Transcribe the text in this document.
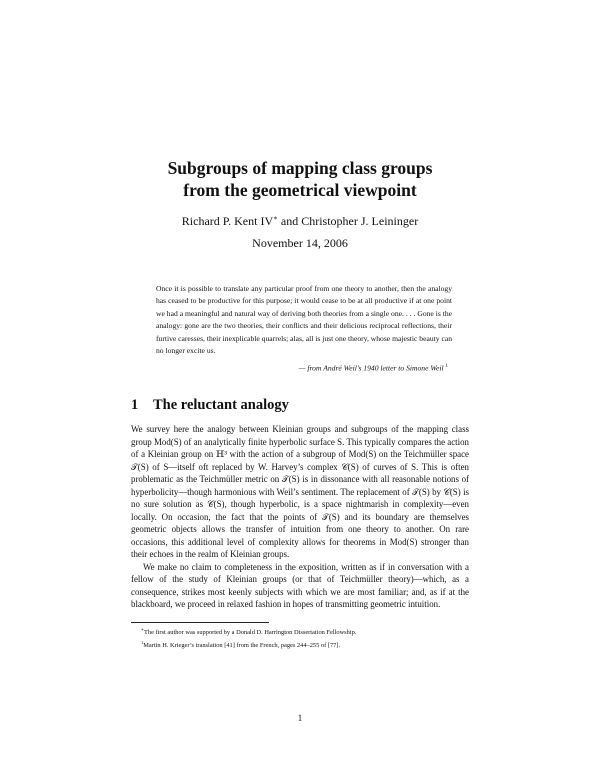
Subgroups of mapping class groups
from the geometrical viewpoint
Richard P. Kent IV∗ and Christopher J. Leininger
November 14, 2006
Once it is possible to translate any particular proof from one theory to another, then the analogy has ceased to be productive for this purpose; it would cease to be at all productive if at one point we had a meaningful and natural way of deriving both theories from a single one. . . . Gone is the analogy: gone are the two theories, their conflicts and their delicious reciprocal reflections, their furtive caresses, their inexplicable quarrels; alas, all is just one theory, whose majestic beauty can no longer excite us.
— from André Weil’s 1940 letter to Simone Weil $^1$
1 The reluctant analogy

We survey here the analogy between Kleinian groups and subgroups of the mapping class group Mod(S) of an analytically finite hyperbolic surface S. This typically compares the action of a Kleinian group on ℍ³ with the action of a subgroup of Mod(S) on the Teichmüller space 𝒯(S) of S—itself oft replaced by W. Harvey’s complex 𝒞(S) of curves of S. This is often problematic as the Teichmüller metric on 𝒯(S) is in dissonance with all reasonable notions of hyperbolicity—though harmonious with Weil’s sentiment. The replacement of 𝒯(S) by 𝒞(S) is no sure solution as 𝒞(S), though hyperbolic, is a space nightmarish in complexity—even locally. On occasion, the fact that the points of 𝒯(S) and its boundary are themselves geometric objects allows the transfer of intuition from one theory to another. On rare occasions, this additional level of complexity allows for theorems in Mod(S) stronger than their echoes in the realm of Kleinian groups.

We make no claim to completeness in the exposition, written as if in conversation with a fellow of the study of Kleinian groups (or that of Teichmüller theory)—which, as a consequence, strikes most keenly subjects with which we are most familiar; and, as if at the blackboard, we proceed in relaxed fashion in hopes of transmitting geometric intuition.

∗The first author was supported by a Donald D. Harrington Dissertation Fellowship.
$^1$Martin H. Krieger’s translation [41] from the French, pages 244–255 of [77].
1
